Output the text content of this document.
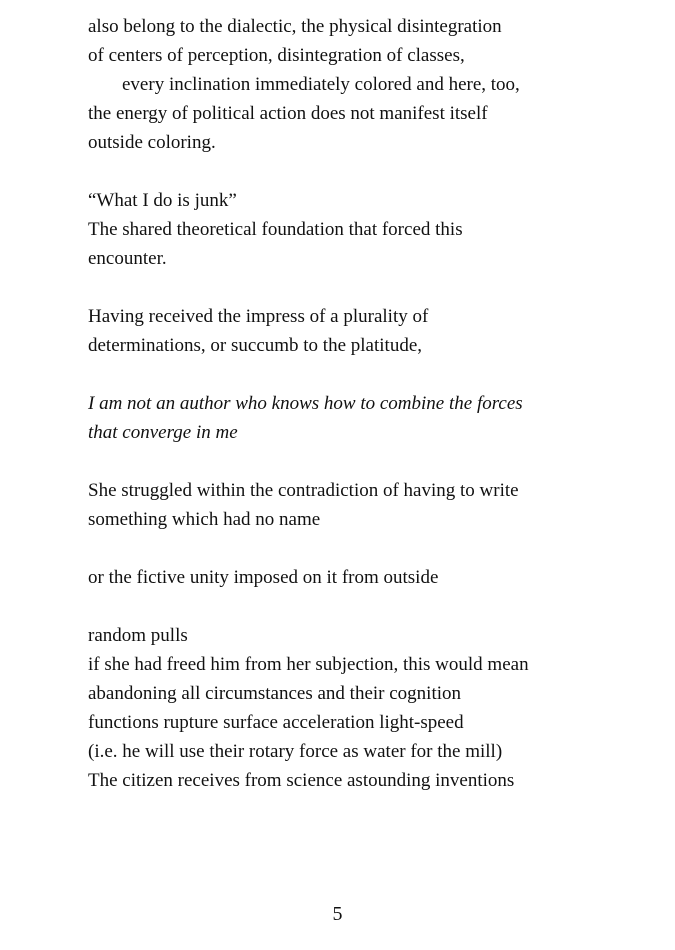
also belong to the dialectic, the physical disintegration
of centers of perception, disintegration of classes,
every inclination immediately colored and here, too,
the energy of political action does not manifest itself
outside coloring.
“What I do is junk”
The shared theoretical foundation that forced this
encounter.
Having received the impress of a plurality of
determinations, or succumb to the platitude,
I am not an author who knows how to combine the forces
that converge in me
She struggled within the contradiction of having to write
something which had no name
or the fictive unity imposed on it from outside
random pulls
if she had freed him from her subjection, this would mean
abandoning all circumstances and their cognition
functions rupture surface acceleration light-speed
(i.e. he will use their rotary force as water for the mill)
The citizen receives from science astounding inventions
5
